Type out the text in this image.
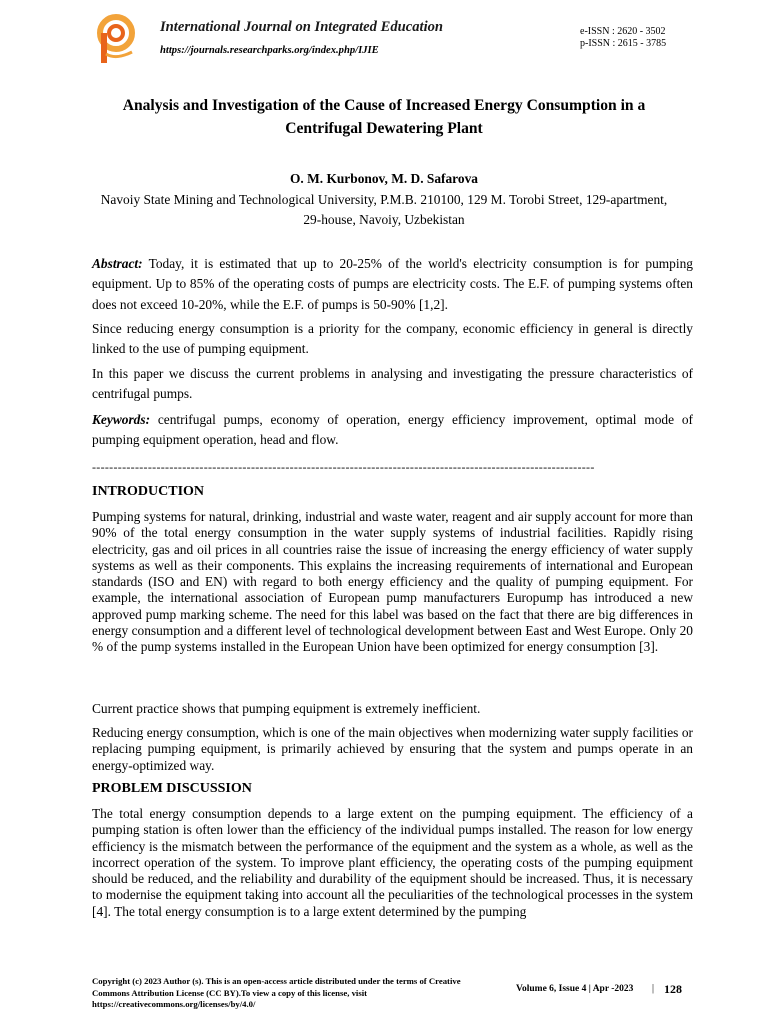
International Journal on Integrated Education
https://journals.researchparks.org/index.php/IJIE
e-ISSN : 2620 - 3502
p-ISSN : 2615 - 3785
Analysis and Investigation of the Cause of Increased Energy Consumption in a Centrifugal Dewatering Plant
O. M. Kurbonov, M. D. Safarova
Navoiy State Mining and Technological University, P.M.B. 210100, 129 M. Torobi Street, 129-apartment, 29-house, Navoiy, Uzbekistan
Abstract: Today, it is estimated that up to 20-25% of the world's electricity consumption is for pumping equipment. Up to 85% of the operating costs of pumps are electricity costs. The E.F. of pumping systems often does not exceed 10-20%, while the E.F. of pumps is 50-90% [1,2].
Since reducing energy consumption is a priority for the company, economic efficiency in general is directly linked to the use of pumping equipment.
In this paper we discuss the current problems in analysing and investigating the pressure characteristics of centrifugal pumps.
Keywords: centrifugal pumps, economy of operation, energy efficiency improvement, optimal mode of pumping equipment operation, head and flow.
---------------------------------------------------------------------------------------------------------------------
INTRODUCTION
Pumping systems for natural, drinking, industrial and waste water, reagent and air supply account for more than 90% of the total energy consumption in the water supply systems of industrial facilities. Rapidly rising electricity, gas and oil prices in all countries raise the issue of increasing the energy efficiency of water supply systems as well as their components. This explains the increasing requirements of international and European standards (ISO and EN) with regard to both energy efficiency and the quality of pumping equipment. For example, the international association of European pump manufacturers Europump has introduced a new approved pump marking scheme. The need for this label was based on the fact that there are big differences in energy consumption and a different level of technological development between East and West Europe. Only 20 % of the pump systems installed in the European Union have been optimized for energy consumption [3].
Current practice shows that pumping equipment is extremely inefficient.
Reducing energy consumption, which is one of the main objectives when modernizing water supply facilities or replacing pumping equipment, is primarily achieved by ensuring that the system and pumps operate in an energy-optimized way.
PROBLEM DISCUSSION
The total energy consumption depends to a large extent on the pumping equipment. The efficiency of a pumping station is often lower than the efficiency of the individual pumps installed. The reason for low energy efficiency is the mismatch between the performance of the equipment and the system as a whole, as well as the incorrect operation of the system. To improve plant efficiency, the operating costs of the pumping equipment should be reduced, and the reliability and durability of the equipment should be increased. Thus, it is necessary to modernise the equipment taking into account all the peculiarities of the technological processes in the system [4]. The total energy consumption is to a large extent determined by the pumping
Copyright (c) 2023 Author (s). This is an open-access article distributed under the terms of Creative Commons Attribution License (CC BY).To view a copy of this license, visit https://creativecommons.org/licenses/by/4.0/
Volume 6, Issue 4 | Apr -2023 | 128
